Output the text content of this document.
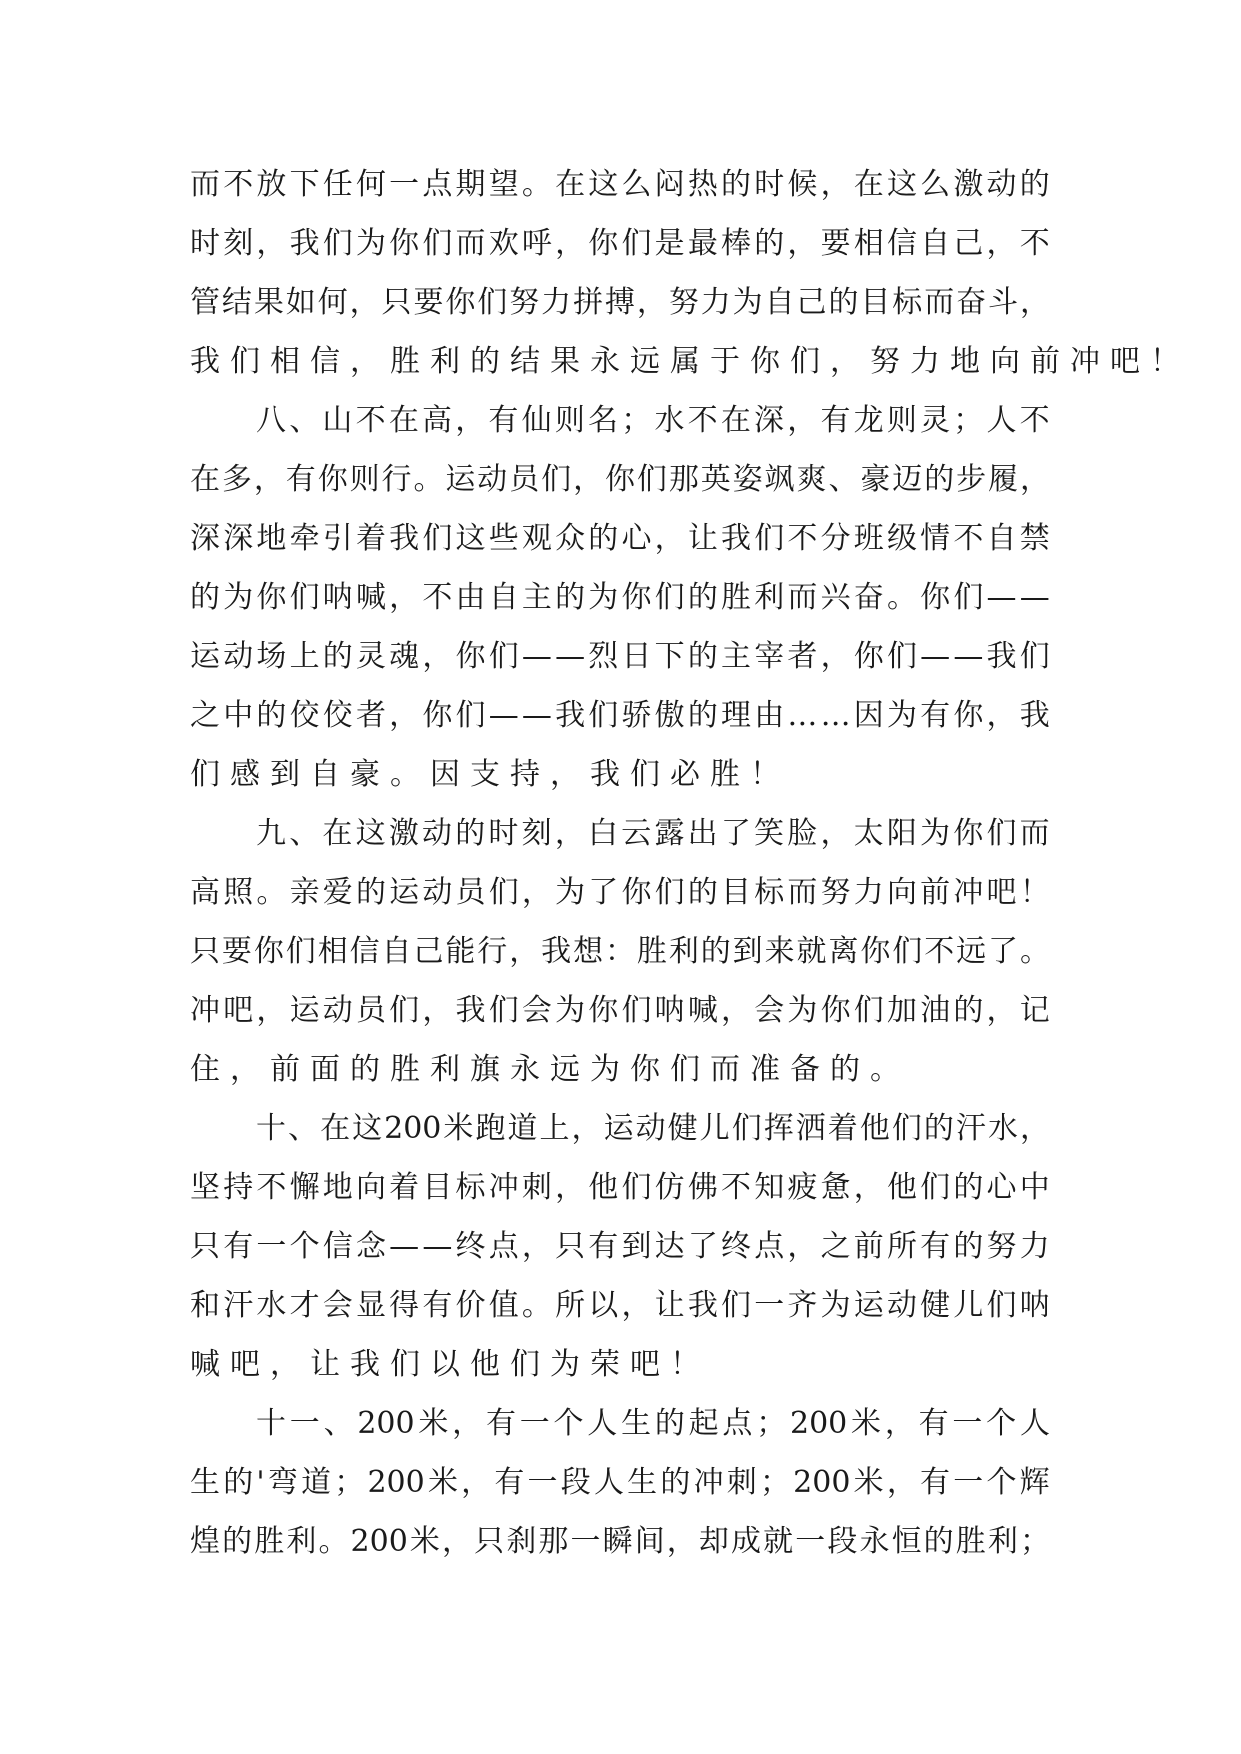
而 不 放 下 任 何 一 点 期 望 。 在 这 么 闷 热 的 时 候 ， 在 这 么 激 动 的
时 刻 ， 我 们 为 你 们 而 欢 呼 ， 你 们 是 最 棒 的 ， 要 相 信 自 己 ， 不
管 结 果 如 何 ， 只 要 你 们 努 力 拼 搏 ， 努 力 为 自 己 的 目 标 而 奋 斗 ，
我们相信，胜利的结果永远属于你们，努力地向前冲吧！
八 、 山 不 在 高 ， 有 仙 则 名 ； 水 不 在 深 ， 有 龙 则 灵 ； 人 不
在 多 ， 有 你 则 行 。 运 动 员 们 ， 你 们 那 英 姿 飒 爽 、 豪 迈 的 步 履 ，
深 深 地 牵 引 着 我 们 这 些 观 众 的 心 ， 让 我 们 不 分 班 级 情 不 自 禁
的 为 你 们 呐 喊 ， 不 由 自 主 的 为 你 们 的 胜 利 而 兴 奋 。 你 们 — —
运 动 场 上 的 灵 魂 ， 你 们 — — 烈 日 下 的 主 宰 者 ， 你 们 — — 我 们
之 中 的 佼 佼 者 ， 你 们 — — 我 们 骄 傲 的 理 由 … … 因 为 有 你 ， 我
们感到自豪。因支持，我们必胜！
九 、 在 这 激 动 的 时 刻 ， 白 云 露 出 了 笑 脸 ， 太 阳 为 你 们 而
高 照 。 亲 爱 的 运 动 员 们 ， 为 了 你 们 的 目 标 而 努 力 向 前 冲 吧 ！
只 要 你 们 相 信 自 己 能 行 ， 我 想 ： 胜 利 的 到 来 就 离 你 们 不 远 了 。
冲 吧 ， 运 动 员 们 ， 我 们 会 为 你 们 呐 喊 ， 会 为 你 们 加 油 的 ， 记
住，前面的胜利旗永远为你们而准备的。
十 、 在 这 200 米 跑 道 上 ， 运 动 健 儿 们 挥 洒 着 他 们 的 汗 水 ，
坚 持 不 懈 地 向 着 目 标 冲 刺 ， 他 们 仿 佛 不 知 疲 惫 ， 他 们 的 心 中
只 有 一 个 信 念 — — 终 点 ， 只 有 到 达 了 终 点 ， 之 前 所 有 的 努 力
和 汗 水 才 会 显 得 有 价 值 。 所 以 ， 让 我 们 一 齐 为 运 动 健 儿 们 呐
喊吧，让我们以他们为荣吧！
十 一 、 200 米 ， 有 一 个 人 生 的 起 点 ； 200 米 ， 有 一 个 人
生 的 ' 弯 道 ； 200 米 ， 有 一 段 人 生 的 冲 刺 ； 200 米 ， 有 一 个 辉
煌 的 胜 利 。 200 米 ， 只 刹 那 一 瞬 间 ， 却 成 就 一 段 永 恒 的 胜 利 ；
